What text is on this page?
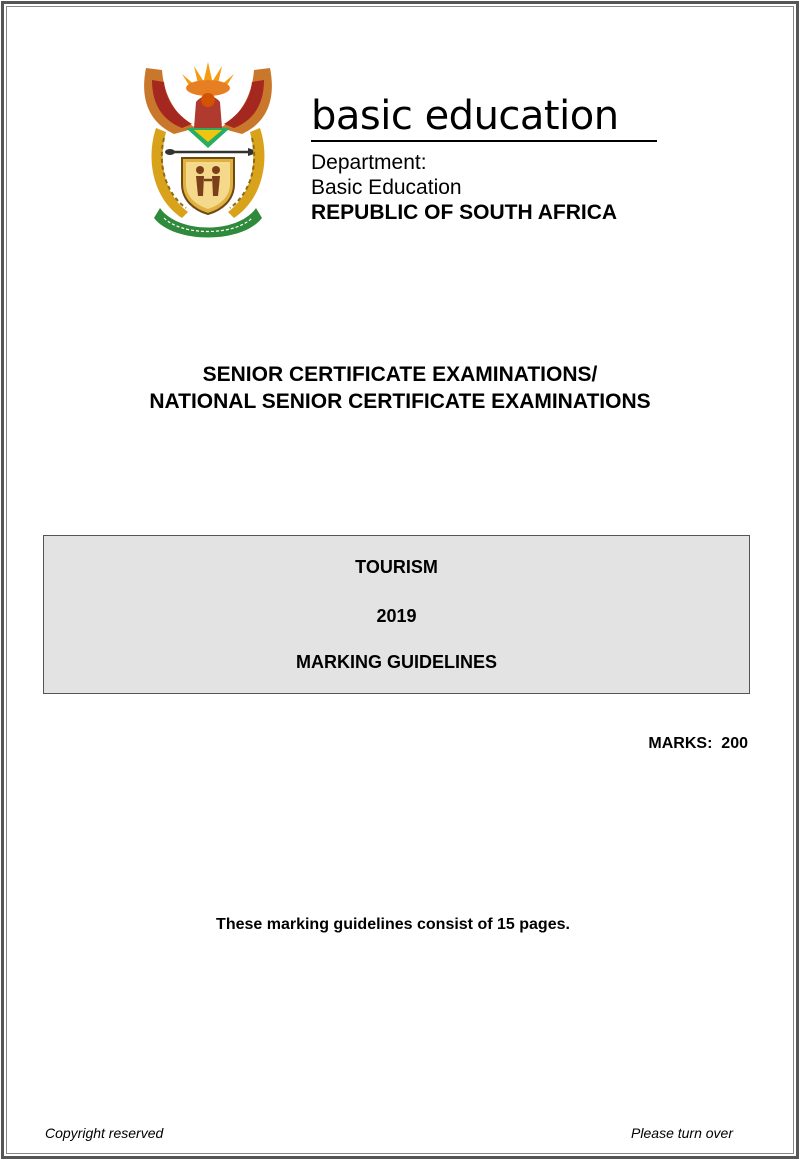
basic education
Department:
Basic Education
REPUBLIC OF SOUTH AFRICA
SENIOR CERTIFICATE EXAMINATIONS/
NATIONAL SENIOR CERTIFICATE EXAMINATIONS
TOURISM
2019
MARKING GUIDELINES
MARKS:  200
These marking guidelines consist of 15 pages.
Copyright reserved	Please turn over
